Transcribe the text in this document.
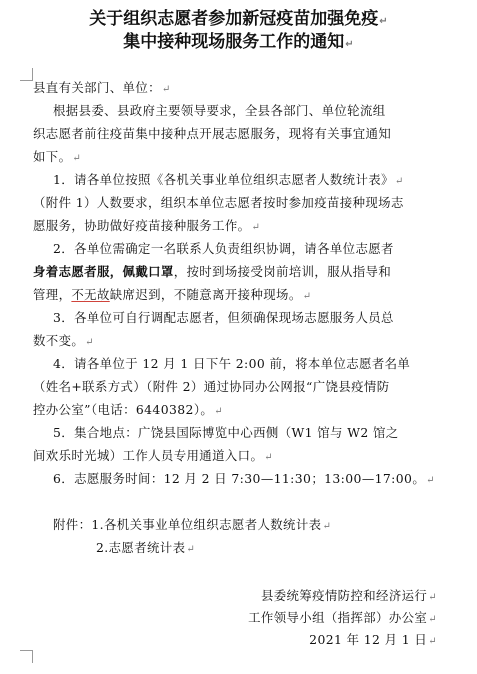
关于组织志愿者参加新冠疫苗加强免疫↵
集中接种现场服务工作的通知↵
县直有关部门、单位：↵
根据县委、县政府主要领导要求，全县各部门、单位轮流组
织志愿者前往疫苗集中接种点开展志愿服务，现将有关事宜通知
如下。↵
1．请各单位按照《各机关事业单位组织志愿者人数统计表》↵
（附件 1）人数要求，组织本单位志愿者按时参加疫苗接种现场志
愿服务，协助做好疫苗接种服务工作。↵
2．各单位需确定一名联系人负责组织协调，请各单位志愿者
身着志愿者服，佩戴口罩，按时到场接受岗前培训，服从指导和
管理，不无故缺席迟到，不随意离开接种现场。↵
3．各单位可自行调配志愿者，但须确保现场志愿服务人员总
数不变。↵
4．请各单位于 12 月 1 日下午 2:00 前，将本单位志愿者名单
（姓名+联系方式）（附件 2）通过协同办公网报“广饶县疫情防
控办公室”（电话：6440382）。↵
5．集合地点：广饶县国际博览中心西侧（W1 馆与 W2 馆之
间欢乐时光城）工作人员专用通道入口。↵
6．志愿服务时间：12 月 2 日 7:30—11:30；13:00—17:00。↵
附件：1.各机关事业单位组织志愿者人数统计表↵
2.志愿者统计表↵
县委统筹疫情防控和经济运行↵
工作领导小组（指挥部）办公室↵
2021 年 12 月 1 日↵
